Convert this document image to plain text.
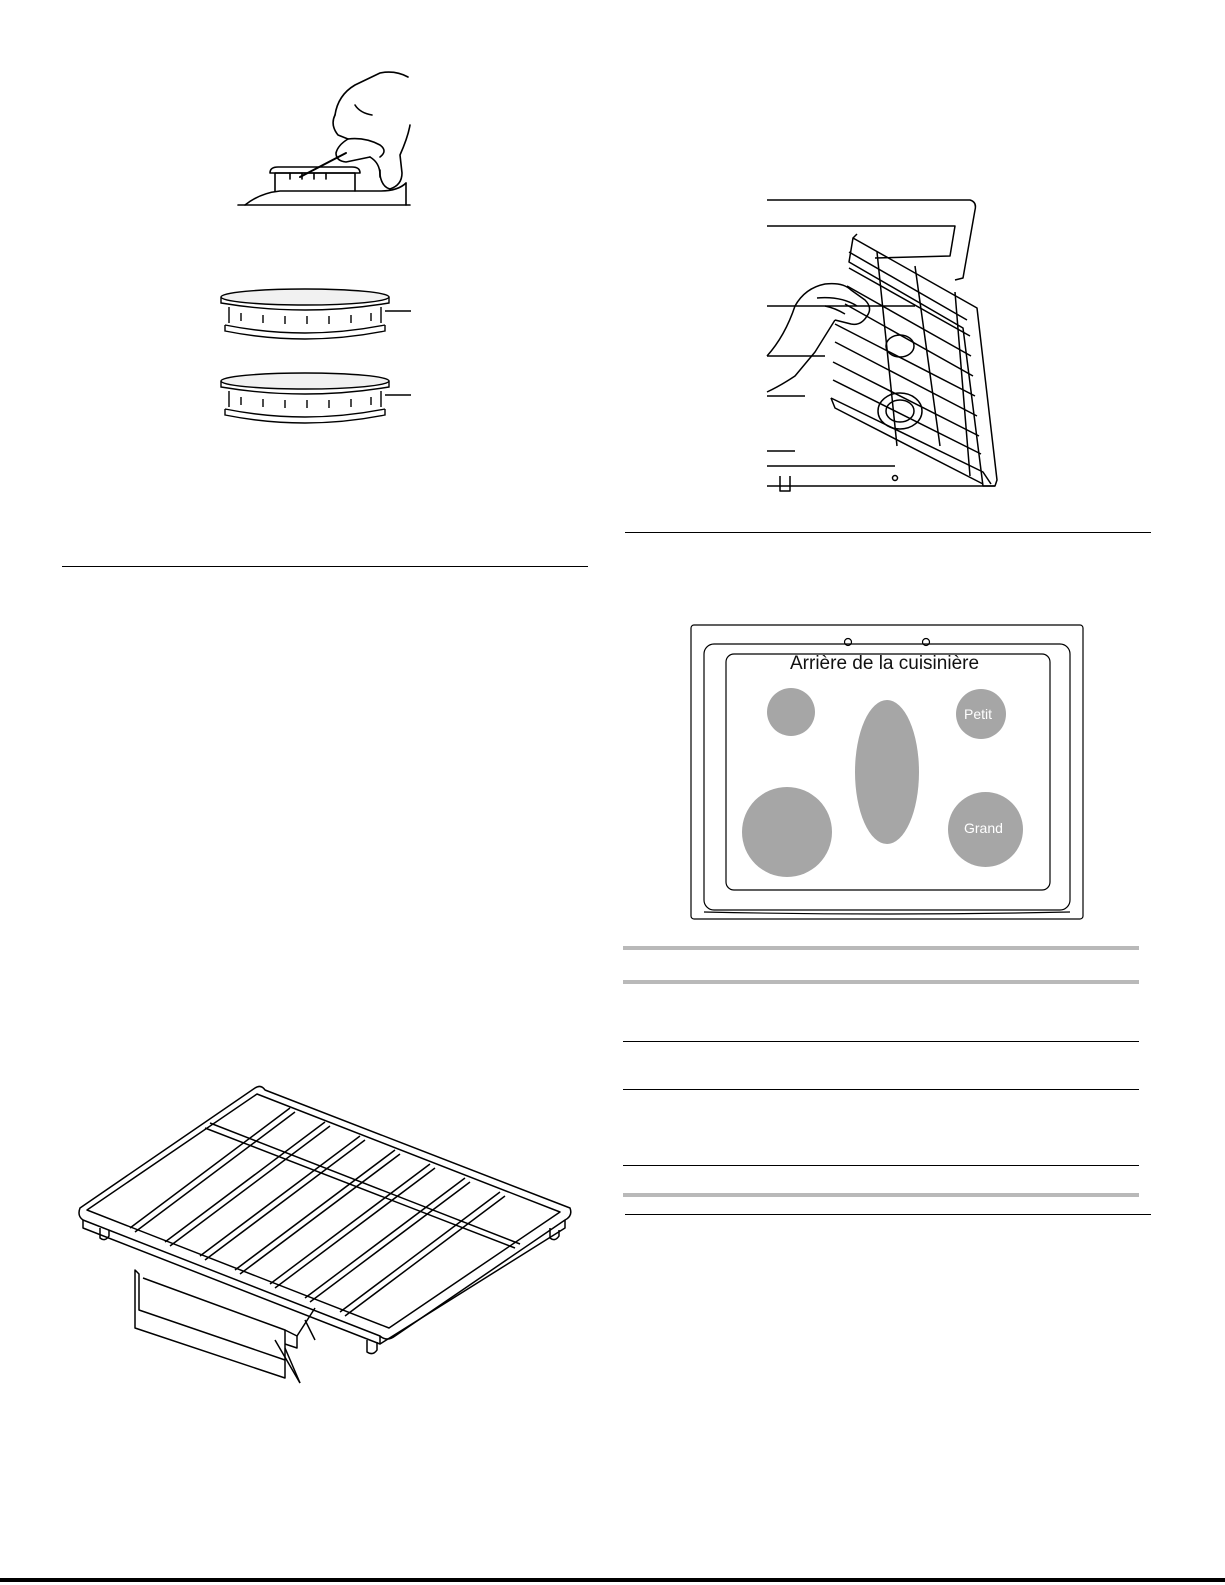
Arrière de la cuisinière
Petit
Grand
